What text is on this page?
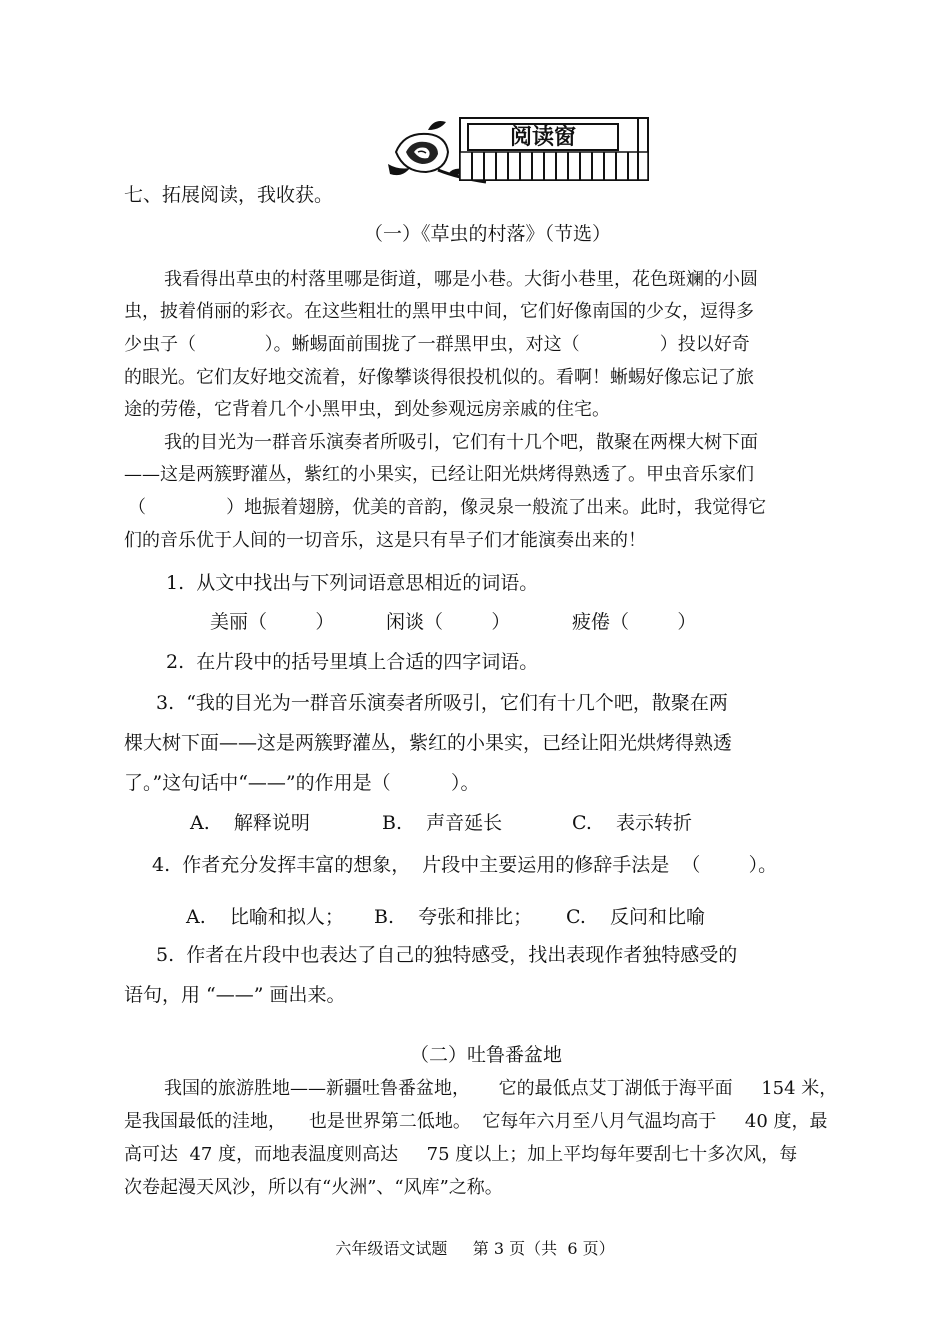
阅读窗
七、拓展阅读，我收获。
（一）《草虫的村落》（节选）
我看得出草虫的村落里哪是街道，哪是小巷。大街小巷里，花色斑斓的小圆
虫，披着俏丽的彩衣。在这些粗壮的黑甲虫中间，它们好像南国的少女，逗得多
少虫子（            ）。蜥蜴面前围拢了一群黑甲虫，对这（              ）投以好奇
的眼光。它们友好地交流着，好像攀谈得很投机似的。看啊！蜥蜴好像忘记了旅
途的劳倦，它背着几个小黑甲虫，到处参观远房亲戚的住宅。
我的目光为一群音乐演奏者所吸引，它们有十几个吧，散聚在两棵大树下面
——这是两簇野灌丛，紫红的小果实，已经让阳光烘烤得熟透了。甲虫音乐家们
（              ）地振着翅膀，优美的音韵，像灵泉一般流了出来。此时，我觉得它
们的音乐优于人间的一切音乐，这是只有旱子们才能演奏出来的！
1.  从文中找出与下列词语意思相近的词语。
美丽（        ）	闲谈（        ）	疲倦（        ）
2.  在片段中的括号里填上合适的四字词语。
3.  “我的目光为一群音乐演奏者所吸引，它们有十几个吧，散聚在两
棵大树下面——这是两簇野灌丛，紫红的小果实，已经让阳光烘烤得熟透
了。”这句话中“——”的作用是（          ）。
A.    解释说明	B.    声音延长	C.    表示转折
4.  作者充分发挥丰富的想象，  片段中主要运用的修辞手法是  （        ）。
A.    比喻和拟人； B.    夸张和排比； C.    反问和比喻
5.  作者在片段中也表达了自己的独特感受，找出表现作者独特感受的
语句，用 “——” 画出来。
（二）吐鲁番盆地
我国的旅游胜地——新疆吐鲁番盆地，     它的最低点艾丁湖低于海平面     154 米，
是我国最低的洼地，    也是世界第二低地。  它每年六月至八月气温均高于     40 度，最
高可达  47 度，而地表温度则高达     75 度以上；加上平均每年要刮七十多次风，每
次卷起漫天风沙，所以有“火洲”、“风库”之称。
六年级语文试题     第 3 页（共  6 页）
